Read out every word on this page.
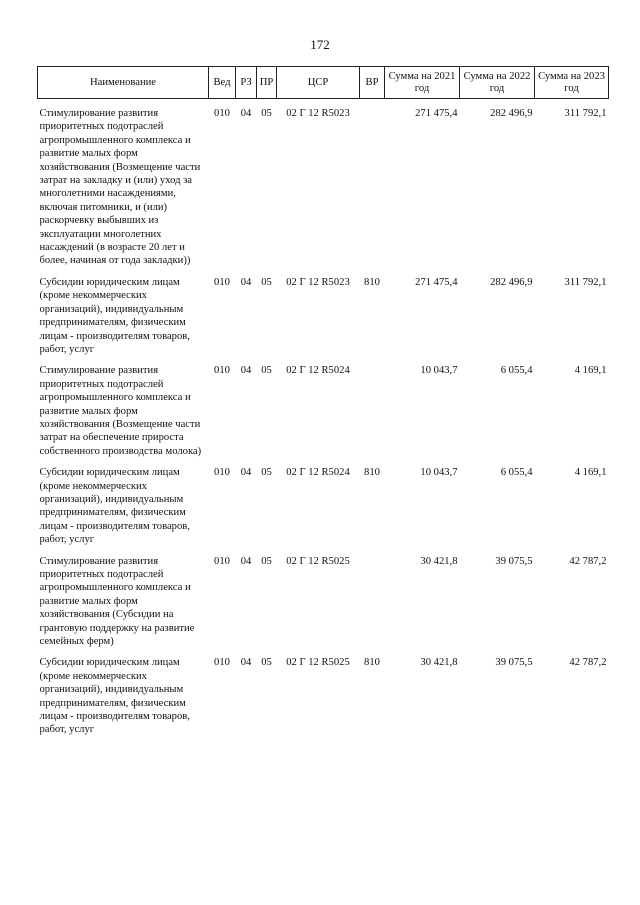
172
Наименование	Вед	РЗ	ПР	ЦСР	ВР	Сумма на 2021 год	Сумма на 2022 год	Сумма на 2023 год

Стимулирование развития приоритетных подотраслей агропромышленного комплекса и развитие малых форм хозяйствования (Возмещение части затрат на закладку и (или) уход за многолетними насаждениями, включая питомники, и (или) раскорчевку выбывших из эксплуатации многолетних насаждений (в возрасте 20 лет и более, начиная от года закладки))	010	04	05	02 Г 12 R5023		271 475,4	282 496,9	311 792,1

Субсидии юридическим лицам (кроме некоммерческих организаций), индивидуальным предпринимателям, физическим лицам - производителям товаров, работ, услуг	010	04	05	02 Г 12 R5023	810	271 475,4	282 496,9	311 792,1

Стимулирование развития приоритетных подотраслей агропромышленного комплекса и развитие малых форм хозяйствования (Возмещение части затрат на обеспечение прироста собственного производства молока)	010	04	05	02 Г 12 R5024		10 043,7	6 055,4	4 169,1

Субсидии юридическим лицам (кроме некоммерческих организаций), индивидуальным предпринимателям, физическим лицам - производителям товаров, работ, услуг	010	04	05	02 Г 12 R5024	810	10 043,7	6 055,4	4 169,1

Стимулирование развития приоритетных подотраслей агропромышленного комплекса и развитие малых форм хозяйствования (Субсидии на грантовую поддержку на развитие семейных ферм)	010	04	05	02 Г 12 R5025		30 421,8	39 075,5	42 787,2

Субсидии юридическим лицам (кроме некоммерческих организаций), индивидуальным предпринимателям, физическим лицам - производителям товаров, работ, услуг	010	04	05	02 Г 12 R5025	810	30 421,8	39 075,5	42 787,2
